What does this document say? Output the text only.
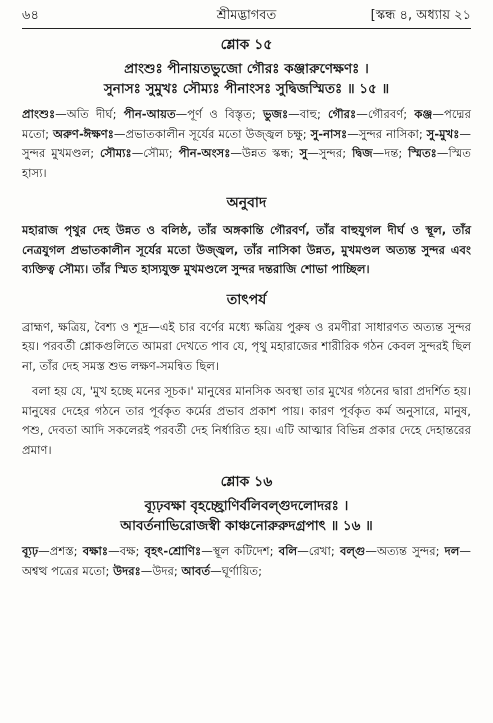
৬৪	[স্কন্ধ ৪, অধ্যায় ২১
শ্রীমদ্ভাগবত
শ্লোক ১৫
প্রাংশুঃ পীনায়তভুজো গৌরঃ কঞ্জারুণেক্ষণঃ ।
সুনাসঃ সুমুখঃ সৌম্যঃ পীনাংসঃ সুদ্বিজস্মিতঃ ॥ ১৫ ॥
প্রাংশুঃ—অতি দীর্ঘ; পীন-আয়ত—পূর্ণ ও বিস্তৃত; ভুজঃ—বাহু; গৌরঃ—গৌরবর্ণ; কঞ্জ—পদ্মের মতো; অরুণ-ঈক্ষণঃ—প্রভাতকালীন সূর্যের মতো উজ্জ্বল চক্ষু; সু-নাসঃ—সুন্দর নাসিকা; সু-মুখঃ—সুন্দর মুখমণ্ডল; সৌম্যঃ—সৌম্য; পীন-অংসঃ—উন্নত স্কন্ধ; সু—সুন্দর; দ্বিজ—দন্ত; স্মিতঃ—স্মিত হাস্য।
অনুবাদ
মহারাজ পৃথুর দেহ উন্নত ও বলিষ্ঠ, তাঁর অঙ্গকান্তি গৌরবর্ণ, তাঁর বাহুযুগল দীর্ঘ ও স্থূল, তাঁর নেত্রযুগল প্রভাতকালীন সূর্যের মতো উজ্জ্বল, তাঁর নাসিকা উন্নত, মুখমণ্ডল অত্যন্ত সুন্দর এবং ব্যক্তিত্ব সৌম্য। তাঁর স্মিত হাস্যযুক্ত মুখমণ্ডলে সুন্দর দন্তরাজি শোভা পাচ্ছিল।
তাৎপর্য
ব্রাহ্মণ, ক্ষত্রিয়, বৈশ্য ও শূদ্র—এই চার বর্ণের মধ্যে ক্ষত্রিয় পুরুষ ও রমণীরা সাধারণত অত্যন্ত সুন্দর হয়। পরবর্তী শ্লোকগুলিতে আমরা দেখতে পাব যে, পৃথু মহারাজের শারীরিক গঠন কেবল সুন্দরই ছিল না, তাঁর দেহ সমস্ত শুভ লক্ষণ-সমন্বিত ছিল।
বলা হয় যে, 'মুখ হচ্ছে মনের সূচক।' মানুষের মানসিক অবস্থা তার মুখের গঠনের দ্বারা প্রদর্শিত হয়। মানুষের দেহের গঠনে তার পূর্বকৃত কর্মের প্রভাব প্রকাশ পায়। কারণ পূর্বকৃত কর্ম অনুসারে, মানুষ, পশু, দেবতা আদি সকলেরই পরবর্তী দেহ নির্ধারিত হয়। এটি আত্মার বিভিন্ন প্রকার দেহে দেহান্তরের প্রমাণ।
শ্লোক ১৬
ব্যূঢ়বক্ষা বৃহচ্ছ্রোণির্বলিবল্গুদলোদরঃ ।
আবর্তনাভিরোজস্বী কাঞ্চনোরুরুদগ্রপাৎ ॥ ১৬ ॥
ব্যূঢ়—প্রশস্ত; বক্ষাঃ—বক্ষ; বৃহৎ-শ্রোণিঃ—স্থূল কটিদেশ; বলি—রেখা; বল্গু—অত্যন্ত সুন্দর; দল—অশ্বত্থ পত্রের মতো; উদরঃ—উদর; আবর্ত—ঘূর্ণায়িত;
